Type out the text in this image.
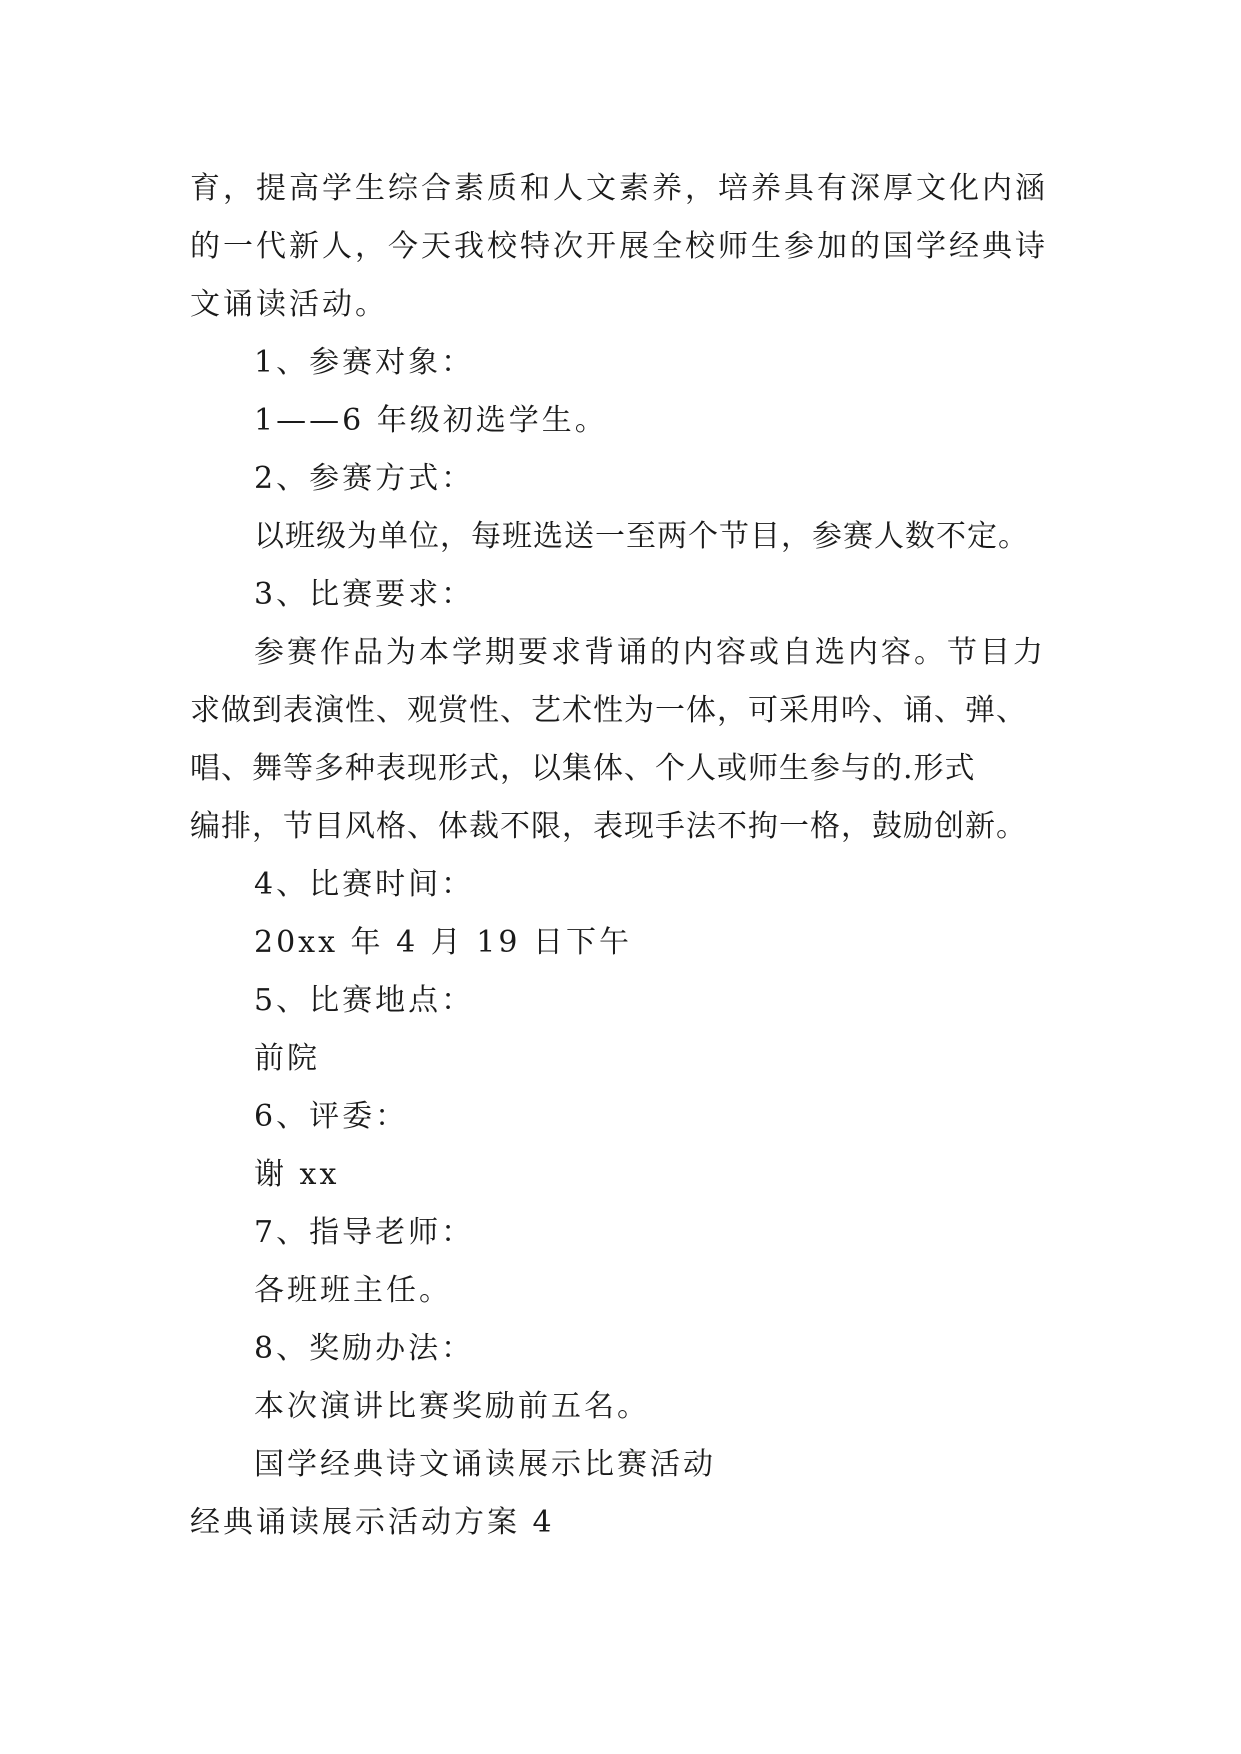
育，提高学生综合素质和人文素养，培养具有深厚文化内涵
的一代新人，今天我校特次开展全校师生参加的国学经典诗
文诵读活动。
1、参赛对象：
1——6 年级初选学生。
2、参赛方式：
以班级为单位，每班选送一至两个节目，参赛人数不定。
3、比赛要求：
参赛作品为本学期要求背诵的内容或自选内容。节目力
求做到表演性、观赏性、艺术性为一体，可采用吟、诵、弹、
唱、舞等多种表现形式，以集体、个人或师生参与的.形式
编排，节目风格、体裁不限，表现手法不拘一格，鼓励创新。
4、比赛时间：
20xx 年 4 月 19 日下午
5、比赛地点：
前院
6、评委：
谢 xx
7、指导老师：
各班班主任。
8、奖励办法：
本次演讲比赛奖励前五名。
国学经典诗文诵读展示比赛活动
经典诵读展示活动方案 4
